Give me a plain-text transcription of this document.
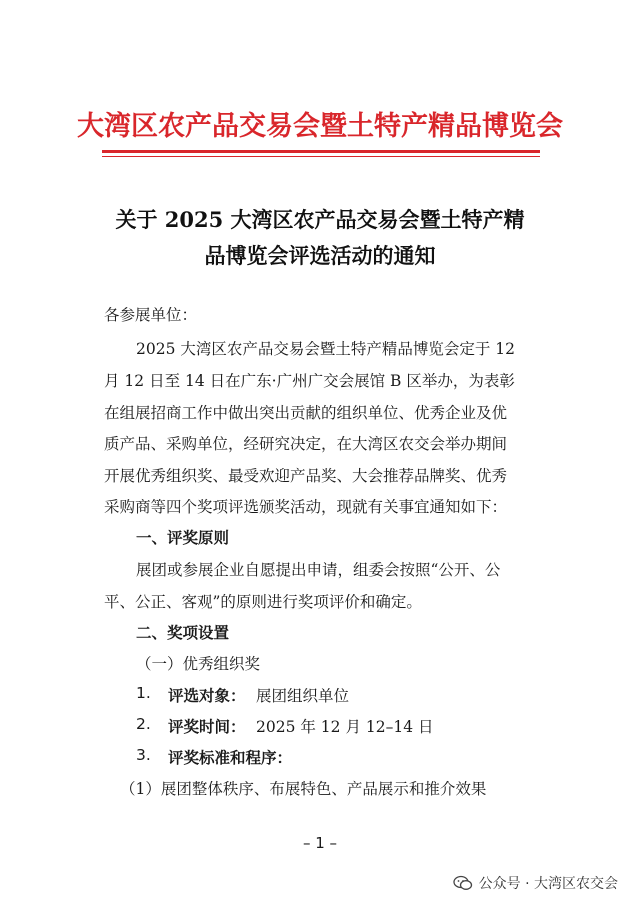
大湾区农产品交易会暨土特产精品博览会
关于 2025 大湾区农产品交易会暨土特产精
品博览会评选活动的通知
各参展单位：
2025 大湾区农产品交易会暨土特产精品博览会定于 12
月 12 日至 14 日在广东·广州广交会展馆 B 区举办，为表彰
在组展招商工作中做出突出贡献的组织单位、优秀企业及优
质产品、采购单位，经研究决定，在大湾区农交会举办期间
开展优秀组织奖、最受欢迎产品奖、大会推荐品牌奖、优秀
采购商等四个奖项评选颁奖活动，现就有关事宜通知如下：
一、评奖原则
展团或参展企业自愿提出申请，组委会按照“公开、公
平、公正、客观”的原则进行奖项评价和确定。
二、奖项设置
（一）优秀组织奖
1. 评选对象： 展团组织单位
2. 评奖时间： 2025 年 12 月 12–14 日
3. 评奖标准和程序：
（1）展团整体秩序、布展特色、产品展示和推介效果
– 1 –
公众号 · 大湾区农交会
